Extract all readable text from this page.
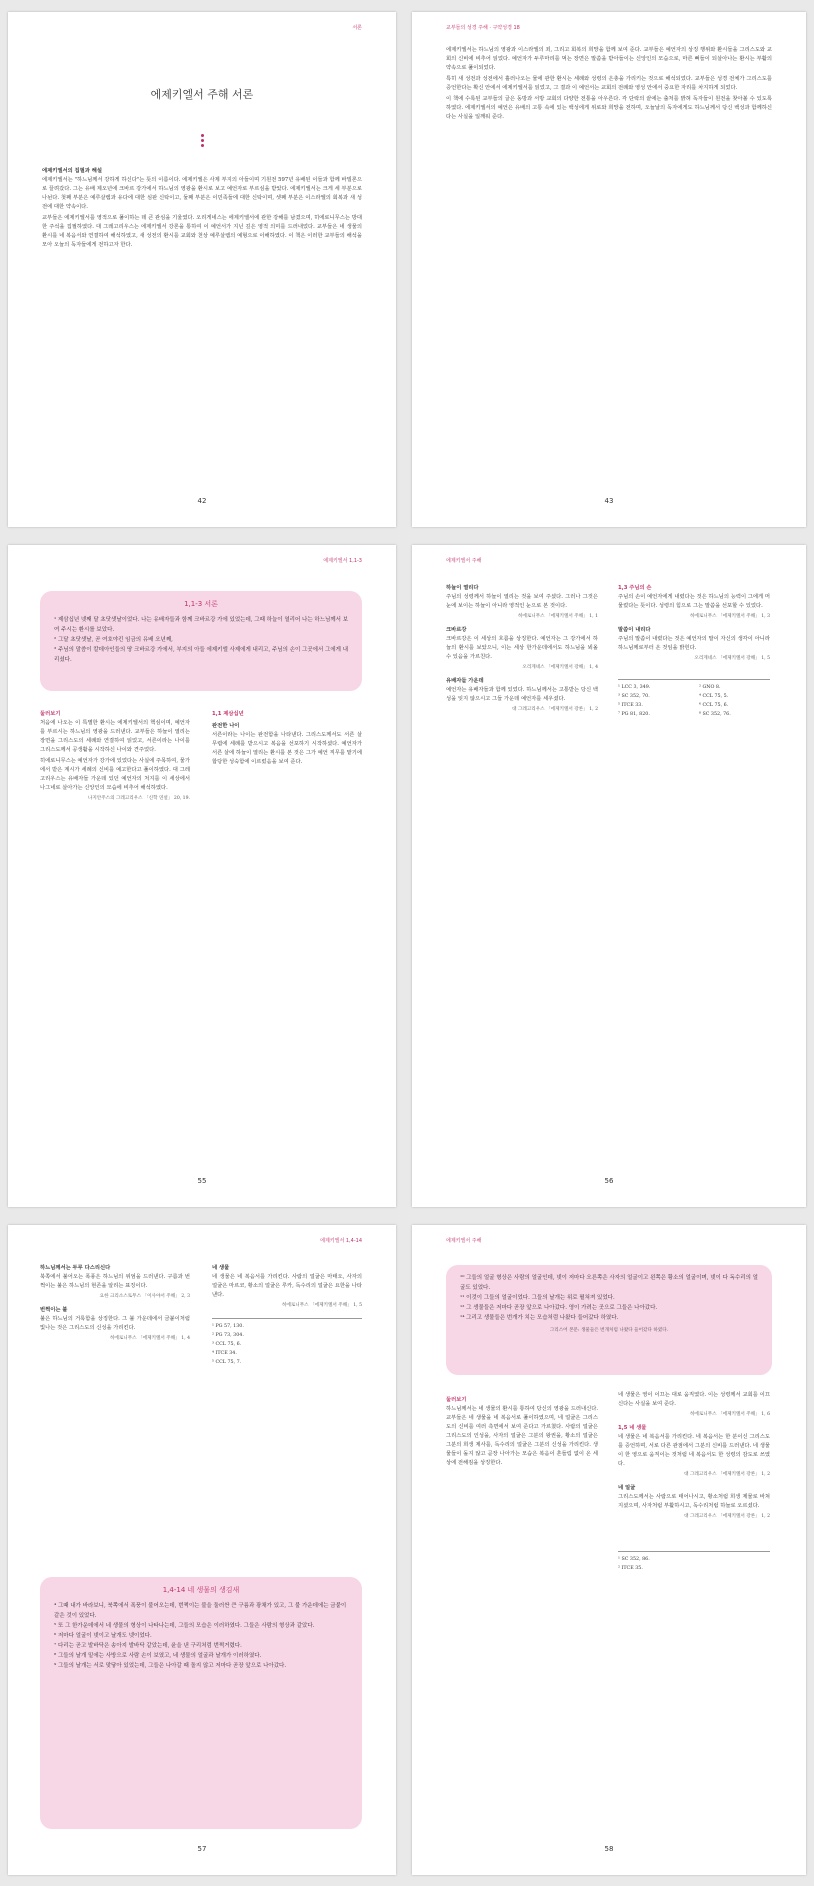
서론
에제키엘서 주해 서론
에제키엘서의 집필과 해설

에제키엘서는 "하느님께서 강하게 하신다"는 뜻의 이름이다. 에제키엘은 사제 부지의 아들이며 기원전 597년 유배된 이들과 함께 바빌론으로 끌려갔다. 그는 유배 제오년에 크바르 강가에서 하느님의 영광을 환시로 보고 예언자로 부르심을 받았다. 에제키엘서는 크게 세 부분으로 나뉜다. 첫째 부분은 예루살렘과 유다에 대한 심판 신탁이고, 둘째 부분은 이민족들에 대한 신탁이며, 셋째 부분은 이스라엘의 회복과 새 성전에 대한 약속이다.

교부들은 에제키엘서를 영적으로 풀이하는 데 큰 관심을 기울였다. 오리게네스는 에제키엘서에 관한 강해를 남겼으며, 히에로니무스는 방대한 주석을 집필하였다. 대 그레고리우스는 에제키엘서 강론을 통하여 이 예언서가 지닌 깊은 영적 의미를 드러내었다. 교부들은 네 생물의 환시를 네 복음서와 연결하여 해석하였고, 새 성전의 환시를 교회와 천상 예루살렘의 예형으로 이해하였다. 이 책은 이러한 교부들의 해석을 모아 오늘의 독자들에게 전하고자 한다.

42
교부들의 성경 주해 · 구약성경 18

에제키엘서는 하느님의 영광과 이스라엘의 죄, 그리고 회복의 희망을 함께 보여 준다. 교부들은 예언자의 상징 행위와 환시들을 그리스도와 교회의 신비에 비추어 읽었다. 예언자가 두루마리를 먹는 장면은 말씀을 받아들이는 신앙인의 모습으로, 마른 뼈들이 되살아나는 환시는 부활의 약속으로 풀이되었다.

특히 새 성전과 성전에서 흘러나오는 물에 관한 환시는 세례와 성령의 은총을 가리키는 것으로 해석되었다. 교부들은 성경 전체가 그리스도를 증언한다는 확신 안에서 에제키엘서를 읽었고, 그 결과 이 예언서는 교회의 전례와 영성 안에서 중요한 자리를 차지하게 되었다.

이 책에 수록된 교부들의 글은 동방과 서방 교회의 다양한 전통을 아우른다. 각 단락의 끝에는 출처를 밝혀 독자들이 원전을 찾아볼 수 있도록 하였다. 에제키엘서의 예언은 유배의 고통 속에 있는 백성에게 위로와 희망을 전하며, 오늘날의 독자에게도 하느님께서 당신 백성과 함께하신다는 사실을 일깨워 준다.

43
에제키엘서 1,1-3
1,1-3 서론

¹ 제삼십년 넷째 달 초닷샛날이었다. 나는 유배자들과 함께 크바르강 가에 있었는데, 그때 하늘이 열리어 나는 하느님께서 보여 주시는 환시를 보았다.

² 그달 초닷샛날, 곧 여호야킨 임금의 유배 오년째,

³ 주님의 말씀이 칼데아인들의 땅 크바르강 가에서, 부지의 아들 에제키엘 사제에게 내리고, 주님의 손이 그곳에서 그에게 내리셨다.

둘러보기

처음에 나오는 이 특별한 환시는 에제키엘서의 핵심이며, 예언자를 부르시는 하느님의 영광을 드러낸다. 교부들은 하늘이 열리는 장면을 그리스도의 세례와 연결하여 읽었고, 서른이라는 나이를 그리스도께서 공생활을 시작하신 나이와 견주었다.

히에로니무스는 예언자가 강가에 있었다는 사실에 주목하여, 물가에서 받은 계시가 세례의 신비를 예고한다고 풀이하였다. 대 그레고리우스는 유배자들 가운데 있던 예언자의 처지를 이 세상에서 나그네로 살아가는 신앙인의 모습에 비추어 해석하였다.

나지안주스의 그레고리우스 「신학 연설」 20, 19.
1,1 제삼십년
완전한 나이

서른이라는 나이는 완전함을 나타낸다. 그리스도께서도 서른 살 무렵에 세례를 받으시고 복음을 선포하기 시작하셨다. 예언자가 서른 살에 하늘이 열리는 환시를 본 것은 그가 예언 직무를 맡기에 합당한 성숙함에 이르렀음을 보여 준다.

55
에제키엘서 주해
하늘이 열리다

주님의 성령께서 하늘이 열리는 것을 보여 주셨다. 그러나 그것은 눈에 보이는 하늘이 아니라 영적인 눈으로 본 것이다.

히에로니무스 「에제키엘서 주해」 1, 1
크바르강

크바르강은 이 세상의 흐름을 상징한다. 예언자는 그 강가에서 하늘의 환시를 보았으니, 이는 세상 한가운데에서도 하느님을 뵈올 수 있음을 가르친다.

오리게네스 「에제키엘서 강해」 1, 4
유배자들 가운데

예언자는 유배자들과 함께 있었다. 하느님께서는 고통받는 당신 백성을 잊지 않으시고 그들 가운데 예언자를 세우셨다.

대 그레고리우스 「에제키엘서 강론」 1, 2
1,3 주님의 손

주님의 손이 예언자에게 내렸다는 것은 하느님의 능력이 그에게 머물렀다는 뜻이다. 성령의 힘으로 그는 말씀을 선포할 수 있었다.

히에로니무스 「에제키엘서 주해」 1, 3
말씀이 내리다

주님의 말씀이 내렸다는 것은 예언자의 말이 자신의 생각이 아니라 하느님께로부터 온 것임을 밝힌다.

오리게네스 「에제키엘서 강해」 1, 5
¹ LCC 3, 349.	² GNO 8.
³ SC 352, 70.	⁴ CCL 75, 5.
⁵ ITCE 33.	⁶ CCL 75, 6.
⁷ PG 81, 820.	⁸ SC 352, 76.
56
에제키엘서 1,4-14
하느님께서는 두루 다스리신다

북쪽에서 불어오는 폭풍은 하느님의 위엄을 드러낸다. 구름과 번쩍이는 불은 하느님의 현존을 알리는 표징이다.

요한 크리소스토무스 「이사야서 주해」 2, 3
번쩍이는 불

불은 하느님의 거룩함을 상징한다. 그 불 가운데에서 금붙이처럼 빛나는 것은 그리스도의 신성을 가리킨다.

히에로니무스 「에제키엘서 주해」 1, 4
네 생물

네 생물은 네 복음서를 가리킨다. 사람의 얼굴은 마태오, 사자의 얼굴은 마르코, 황소의 얼굴은 루카, 독수리의 얼굴은 요한을 나타낸다.

히에로니무스 「에제키엘서 주해」 1, 5
¹ PG 57, 130.
² PG 73, 304.
³ CCL 75, 6.
⁴ ITCE 34.
⁵ CCL 75, 7.
1,4-14 네 생물의 생김새

⁴ 그때 내가 바라보니, 북쪽에서 폭풍이 불어오는데, 번쩍이는 불을 둘러싼 큰 구름과 광채가 있고, 그 불 가운데에는 금붙이 같은 것이 있었다.

⁵ 또 그 한가운데에서 네 생물의 형상이 나타나는데, 그들의 모습은 이러하였다. 그들은 사람의 형상과 같았다.

⁶ 저마다 얼굴이 넷이고 날개도 넷이었다.

⁷ 다리는 곧고 발바닥은 송아지 발바닥 같았는데, 윤을 낸 구리처럼 번쩍거렸다.

⁸ 그들의 날개 밑에는 사방으로 사람 손이 보였고, 네 생물의 얼굴과 날개가 이러하였다.

⁹ 그들의 날개는 서로 맞닿아 있었는데, 그들은 나아갈 때 돌지 않고 저마다 곧장 앞으로 나아갔다.

57
에제키엘서 주해

¹⁰ 그들의 얼굴 형상은 사람의 얼굴인데, 넷이 저마다 오른쪽은 사자의 얼굴이고 왼쪽은 황소의 얼굴이며, 넷이 다 독수리의 얼굴도 있었다.

¹¹ 이것이 그들의 얼굴이었다. 그들의 날개는 위로 펼쳐져 있었다.

¹² 그 생물들은 저마다 곧장 앞으로 나아갔다. 영이 가려는 곳으로 그들은 나아갔다.

¹⁴ 그리고 생물들은 번개가 치는 모습처럼 나왔다 들어갔다 하였다.

그리스어 본문: 생물들은 번개처럼 나왔다 들어갔다 하였다.
둘러보기

하느님께서는 네 생물의 환시를 통하여 당신의 영광을 드러내신다. 교부들은 네 생물을 네 복음서로 풀이하였으며, 네 얼굴은 그리스도의 신비를 여러 측면에서 보여 준다고 가르쳤다. 사람의 얼굴은 그리스도의 인성을, 사자의 얼굴은 그분의 왕권을, 황소의 얼굴은 그분의 희생 제사를, 독수리의 얼굴은 그분의 신성을 가리킨다. 생물들이 돌지 않고 곧장 나아가는 모습은 복음이 흔들림 없이 온 세상에 전해짐을 상징한다.

네 생물은 영이 이끄는 대로 움직였다. 이는 성령께서 교회를 이끄신다는 사실을 보여 준다.

히에로니무스 「에제키엘서 주해」 1, 6
1,5 네 생물

네 생물은 네 복음서를 가리킨다. 네 복음서는 한 분이신 그리스도를 증언하며, 서로 다른 관점에서 그분의 신비를 드러낸다. 네 생물이 한 영으로 움직이는 것처럼 네 복음서도 한 성령의 감도로 쓰였다.

대 그레고리우스 「에제키엘서 강론」 1, 2
네 얼굴

그리스도께서는 사람으로 태어나시고, 황소처럼 희생 제물로 바쳐지셨으며, 사자처럼 부활하시고, 독수리처럼 하늘로 오르셨다.

대 그레고리우스 「에제키엘서 강론」 1, 2
¹ SC 352, 86.
² ITCE 35.
58
